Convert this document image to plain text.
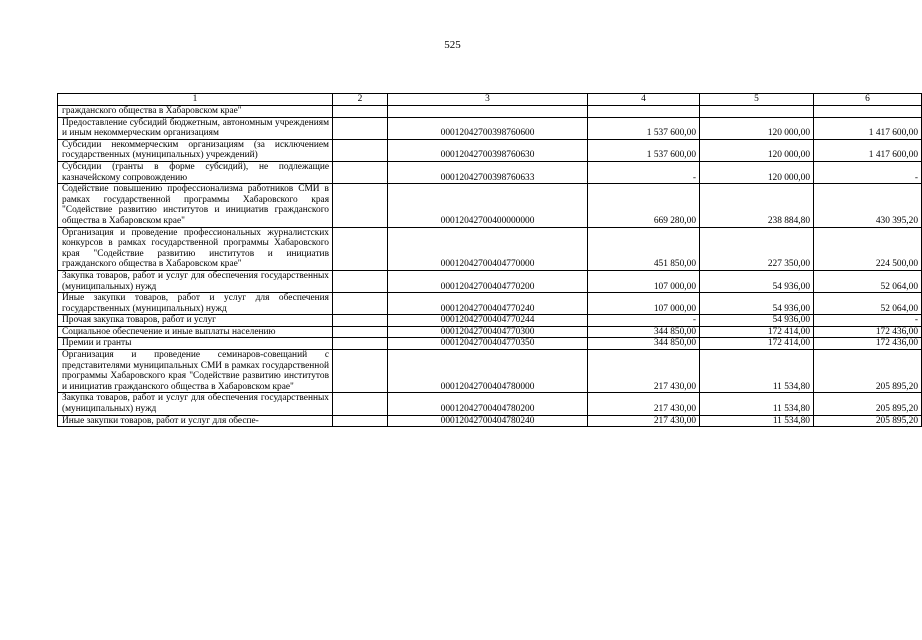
525
1	2	3	4	5	6
гражданского общества в Хабаровском крае"					
Предоставление субсидий бюджетным, автономным учреждениям и иным некоммерческим организациям		00012042700398760600	1 537 600,00	120 000,00	1 417 600,00
Субсидии некоммерческим организациям (за исключением государственных (муниципальных) учреждений)		00012042700398760630	1 537 600,00	120 000,00	1 417 600,00
Субсидии (гранты в форме субсидий), не подлежащие казначейскому сопровождению		00012042700398760633	-	120 000,00	-
Содействие повышению профессионализма работников СМИ в рамках государственной программы Хабаровского края "Содействие развитию институтов и инициатив гражданского общества в Хабаровском крае"		00012042700400000000	669 280,00	238 884,80	430 395,20
Организация и проведение профессиональных журналистских конкурсов в рамках государственной программы Хабаровского края "Содействие развитию институтов и инициатив гражданского общества в Хабаровском крае"		00012042700404770000	451 850,00	227 350,00	224 500,00
Закупка товаров, работ и услуг для обеспечения государственных (муниципальных) нужд		00012042700404770200	107 000,00	54 936,00	52 064,00
Иные закупки товаров, работ и услуг для обеспечения государственных (муниципальных) нужд		00012042700404770240	107 000,00	54 936,00	52 064,00
Прочая закупка товаров, работ и услуг		00012042700404770244	-	54 936,00	-
Социальное обеспечение и иные выплаты населению		00012042700404770300	344 850,00	172 414,00	172 436,00
Премии и гранты		00012042700404770350	344 850,00	172 414,00	172 436,00
Организация и проведение семинаров-совещаний с представителями муниципальных СМИ в рамках государственной программы Хабаровского края "Содействие развитию институтов и инициатив гражданского общества в Хабаровском крае"		00012042700404780000	217 430,00	11 534,80	205 895,20
Закупка товаров, работ и услуг для обеспечения государственных (муниципальных) нужд		00012042700404780200	217 430,00	11 534,80	205 895,20
Иные закупки товаров, работ и услуг для обеспе-		00012042700404780240	217 430,00	11 534,80	205 895,20
